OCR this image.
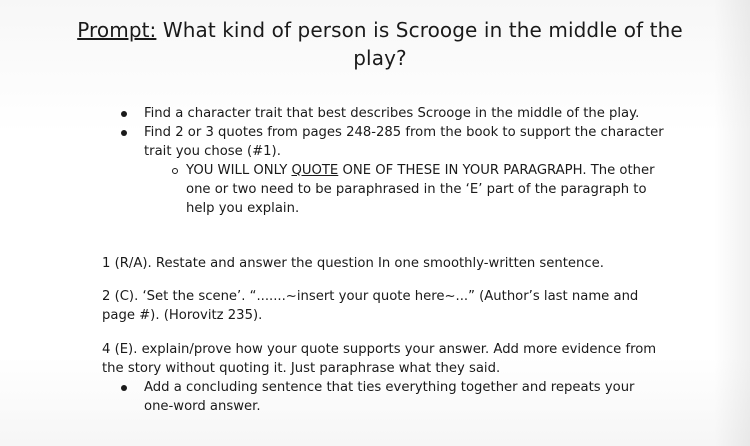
Prompt: What kind of person is Scrooge in the middle of the play?
Find a character trait that best describes Scrooge in the middle of the play.
Find 2 or 3 quotes from pages 248-285 from the book to support the character trait you chose (#1).
YOU WILL ONLY QUOTE ONE OF THESE IN YOUR PARAGRAPH. The other one or two need to be paraphrased in the ‘E’ part of the paragraph to help you explain.
1 (R/A). Restate and answer the question In one smoothly-written sentence.
2 (C). ‘Set the scene’. “.......~insert your quote here~...” (Author’s last name and page #). (Horovitz 235).
4 (E). explain/prove how your quote supports your answer. Add more evidence from the story without quoting it. Just paraphrase what they said.
Add a concluding sentence that ties everything together and repeats your one-word answer.
